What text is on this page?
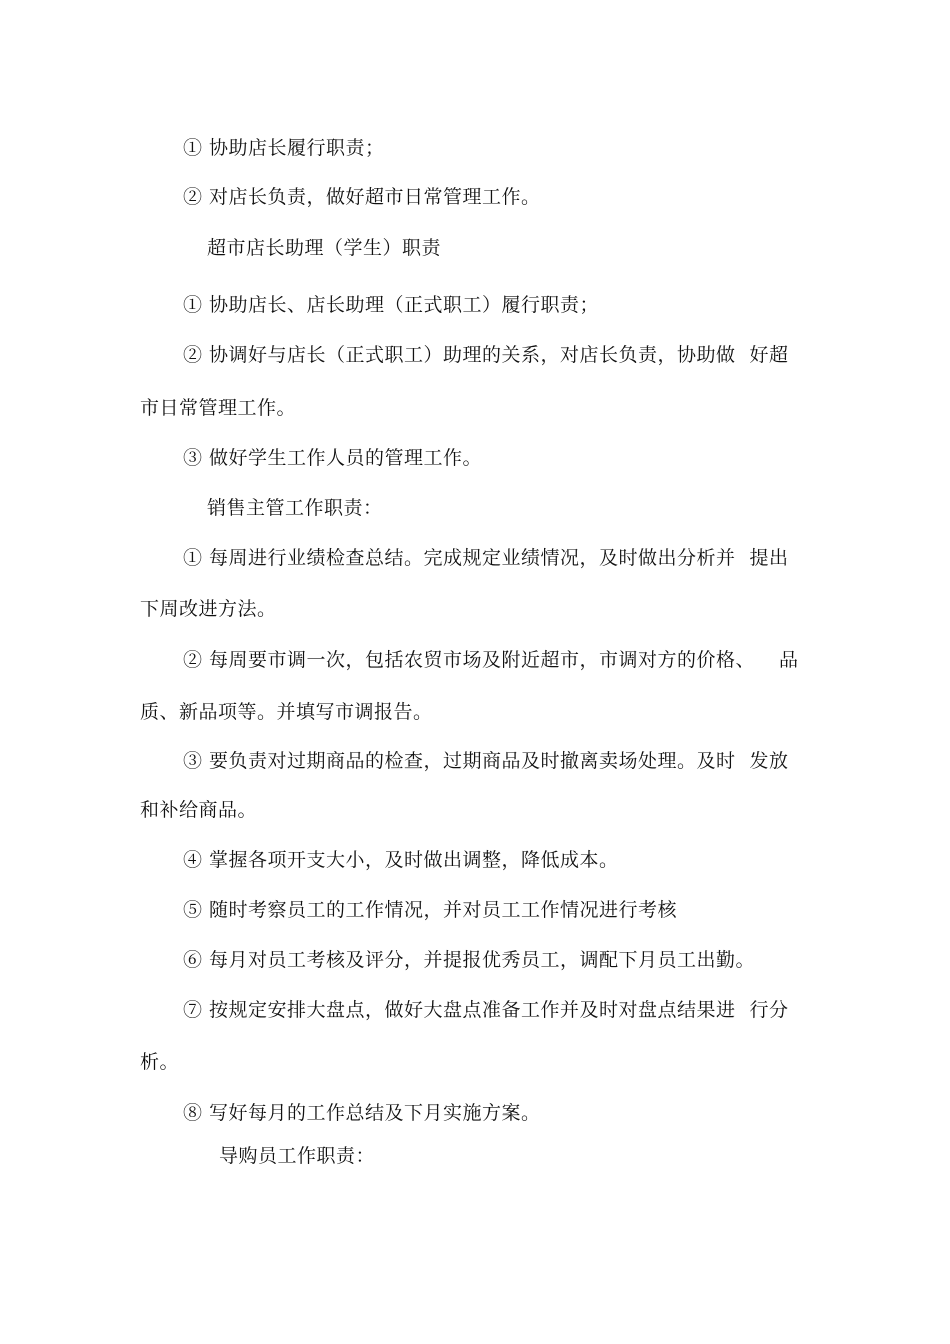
① 协助店长履行职责；
② 对店长负责，做好超市日常管理工作。
超市店长助理（学生）职责
① 协助店长、店长助理（正式职工）履行职责；
② 协调好与店长（正式职工）助理的关系，对店长负责，协助做 好超
市日常管理工作。
③ 做好学生工作人员的管理工作。
销售主管工作职责：
① 每周进行业绩检查总结。完成规定业绩情况，及时做出分析并 提出
下周改进方法。
② 每周要市调一次，包括农贸市场及附近超市，市调对方的价格、 品
质、新品项等。并填写市调报告。
③ 要负责对过期商品的检查，过期商品及时撤离卖场处理。及时 发放
和补给商品。
④ 掌握各项开支大小，及时做出调整，降低成本。
⑤ 随时考察员工的工作情况，并对员工工作情况进行考核
⑥ 每月对员工考核及评分，并提报优秀员工，调配下月员工出勤。
⑦ 按规定安排大盘点，做好大盘点准备工作并及时对盘点结果进 行分
析。
⑧ 写好每月的工作总结及下月实施方案。
导购员工作职责：
